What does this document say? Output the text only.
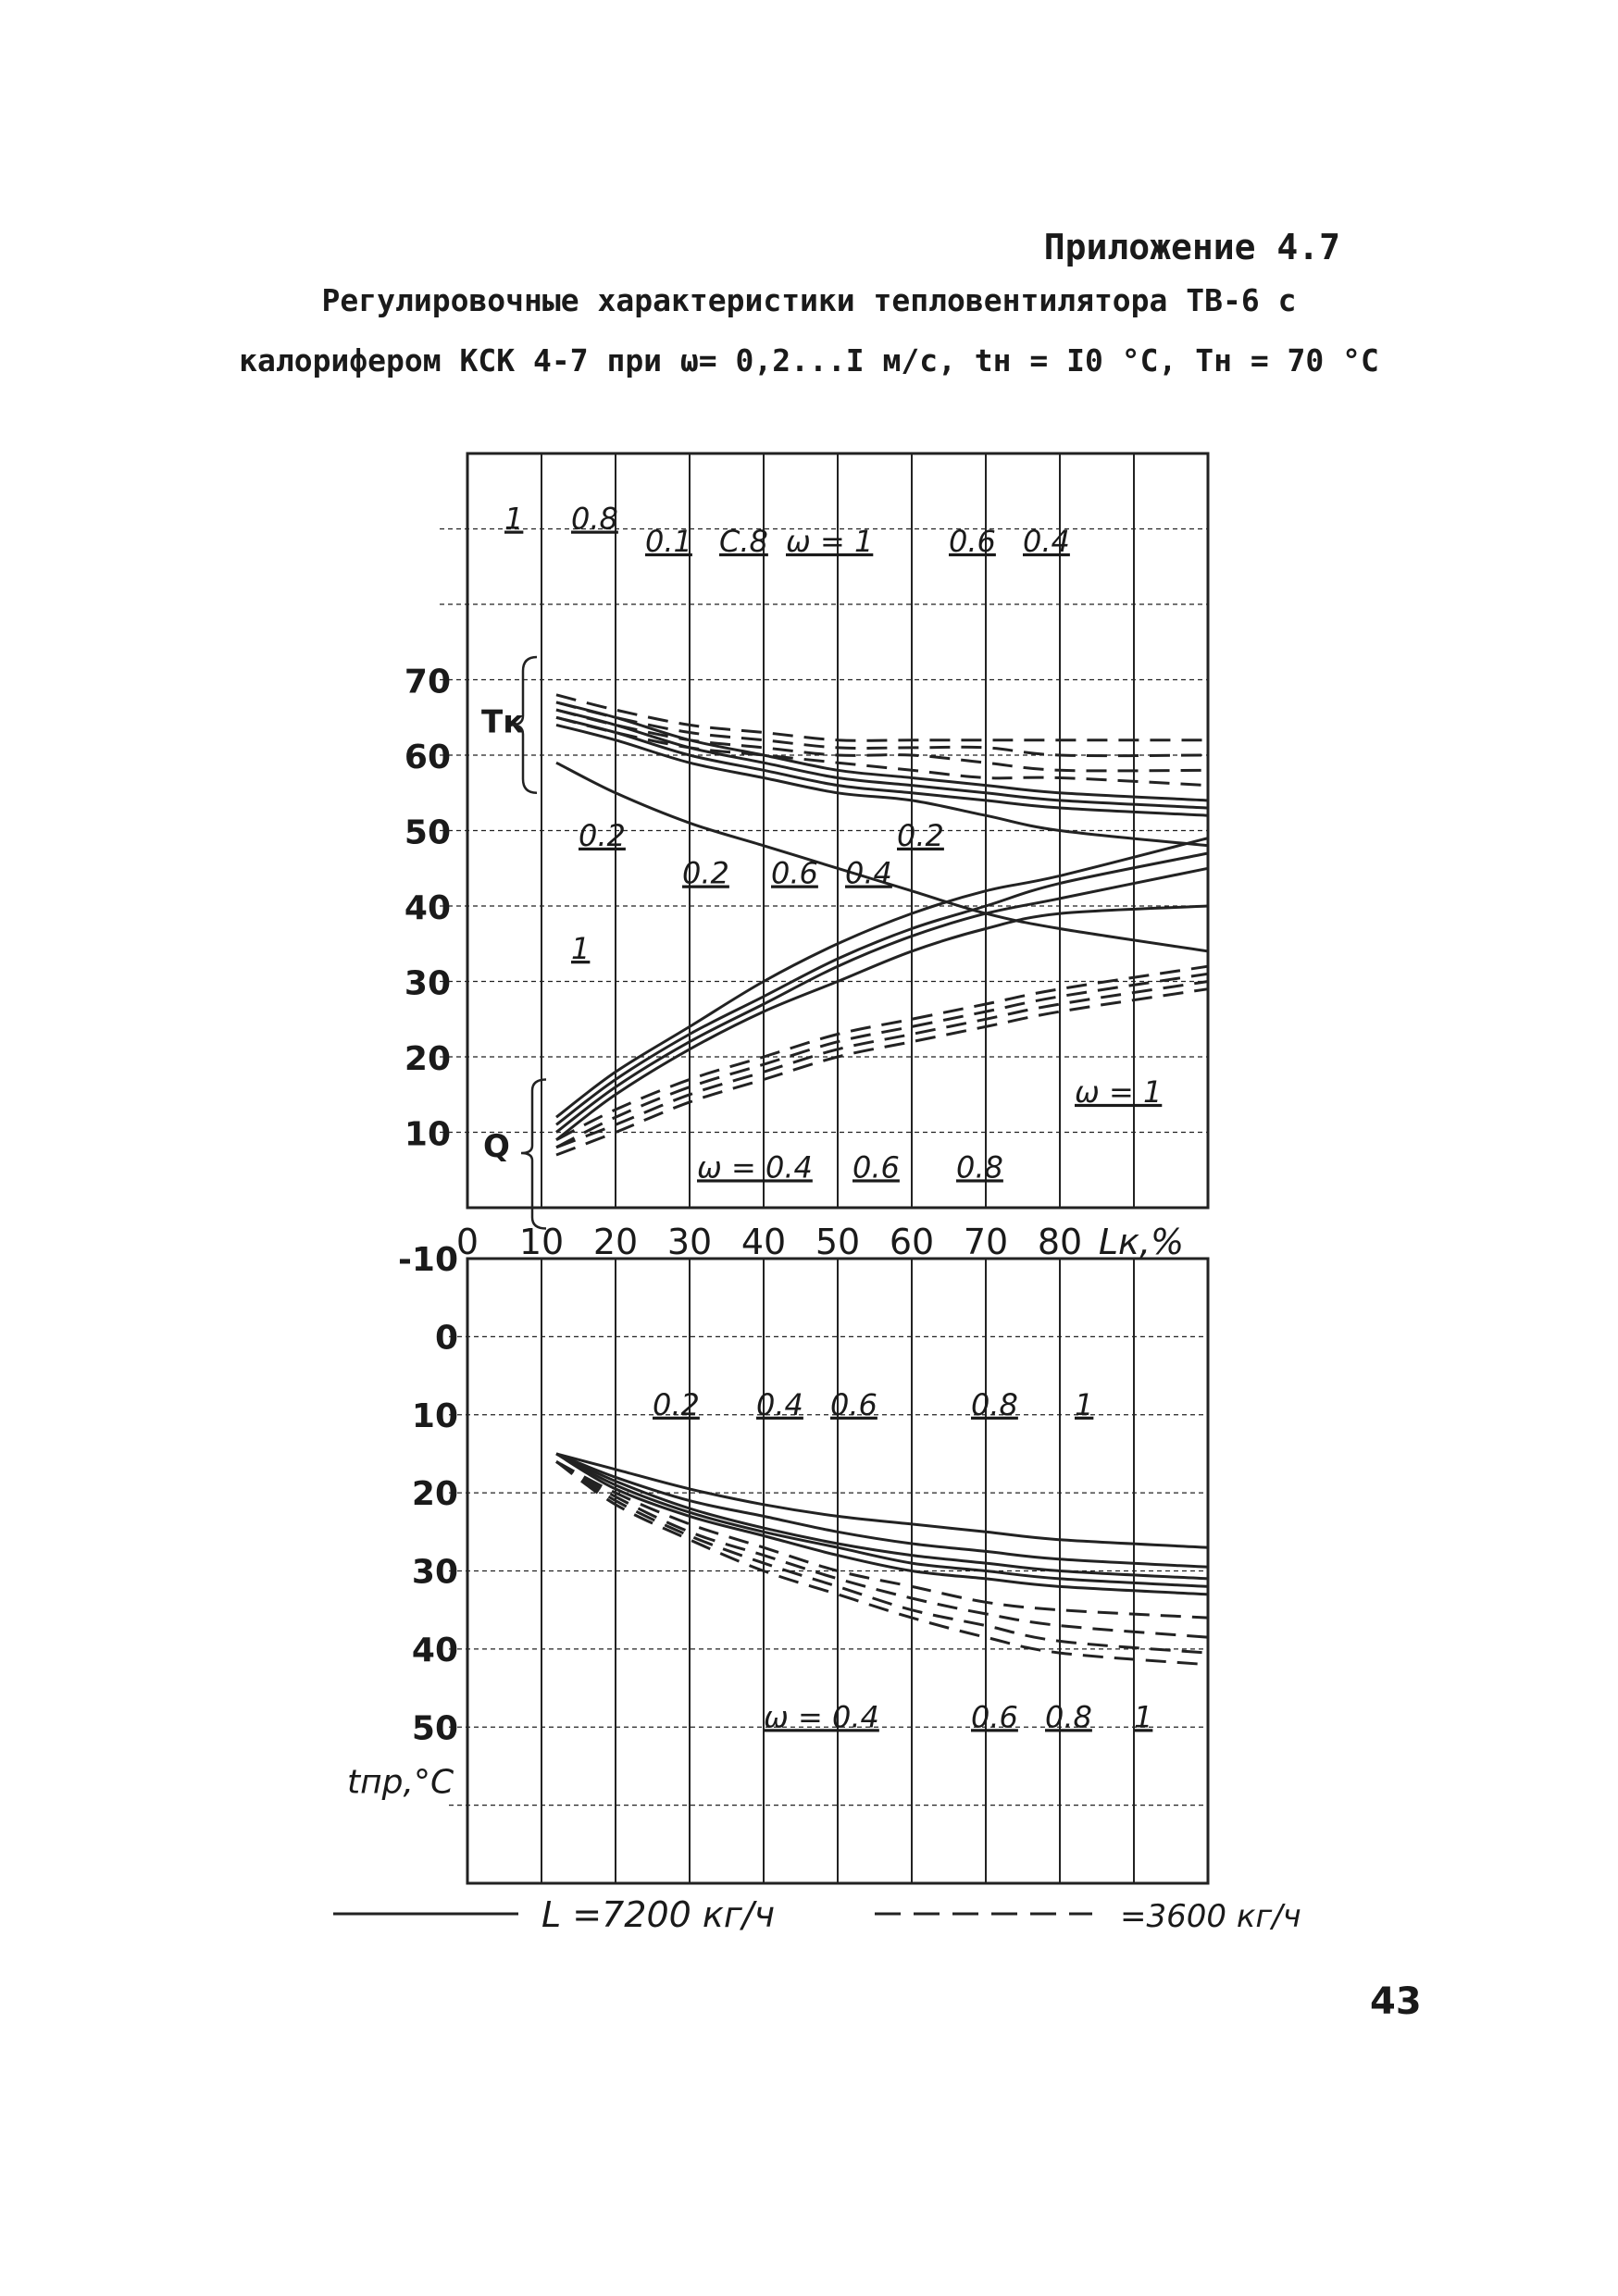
Приложение 4.7
Регулировочные характеристики тепловентилятора ТВ-6 с
калорифером КСК 4-7 при ω= 0,2...I м/с, tн = I0 °С, Tн = 70 °С
70
60
50
40
30
20
10
0 10 20 30 40 50 60 70 80 Lк,%
Tк
Q
1 0.8
0.1 C.8 ω = 1	0.6 0.4
0.2
0.2 0.6 0.4
0.2
1
ω = 1
ω = 0.4 0.6 0.8
-10
0
10
20
30
40
50
tпр,°С
0.2 0.4 0.6	0.8 1
ω = 0.4	0.6 0.8 1
L =7200 кг/ч	=3600 кг/ч
43
